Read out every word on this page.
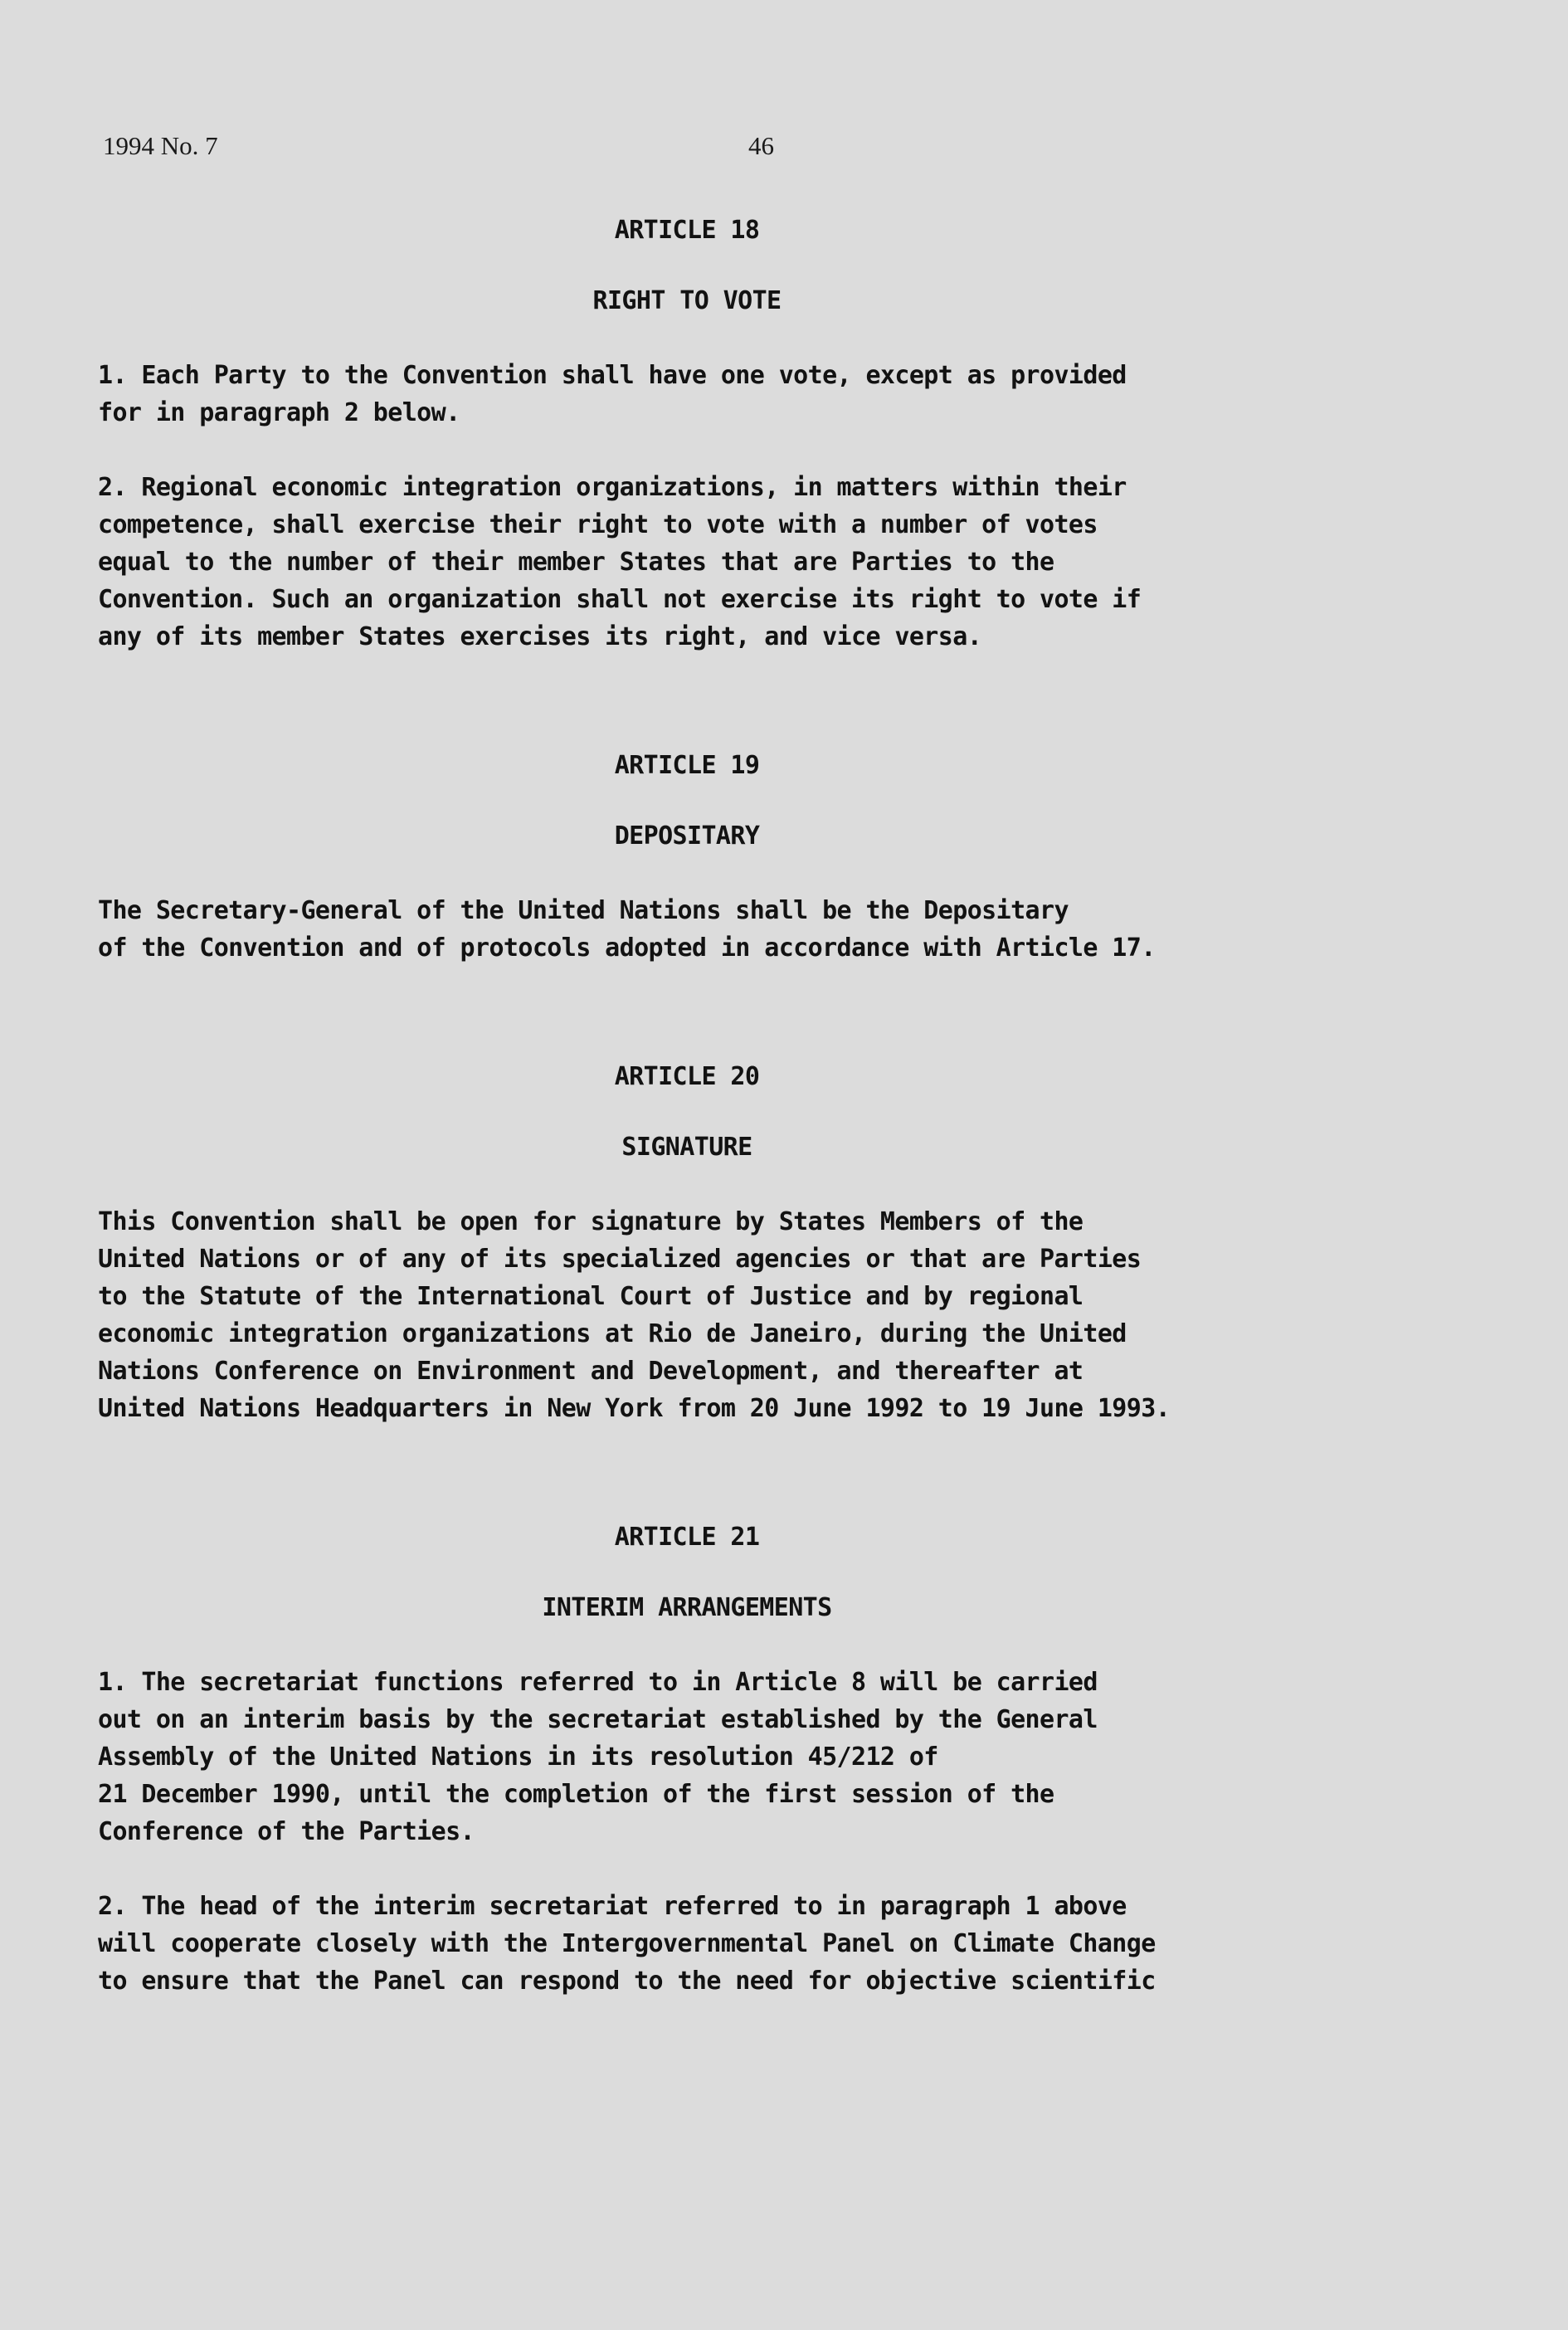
1994 No. 7	46
ARTICLE 18
RIGHT TO VOTE

1. Each Party to the Convention shall have one vote, except as provided
for in paragraph 2 below.

2. Regional economic integration organizations, in matters within their
competence, shall exercise their right to vote with a number of votes
equal to the number of their member States that are Parties to the
Convention. Such an organization shall not exercise its right to vote if
any of its member States exercises its right, and vice versa.

ARTICLE 19
DEPOSITARY

The Secretary-General of the United Nations shall be the Depositary
of the Convention and of protocols adopted in accordance with Article 17.

ARTICLE 20
SIGNATURE

This Convention shall be open for signature by States Members of the
United Nations or of any of its specialized agencies or that are Parties
to the Statute of the International Court of Justice and by regional
economic integration organizations at Rio de Janeiro, during the United
Nations Conference on Environment and Development, and thereafter at
United Nations Headquarters in New York from 20 June 1992 to 19 June 1993.

ARTICLE 21
INTERIM ARRANGEMENTS

1. The secretariat functions referred to in Article 8 will be carried
out on an interim basis by the secretariat established by the General
Assembly of the United Nations in its resolution 45/212 of
21 December 1990, until the completion of the first session of the
Conference of the Parties.

2. The head of the interim secretariat referred to in paragraph 1 above
will cooperate closely with the Intergovernmental Panel on Climate Change
to ensure that the Panel can respond to the need for objective scientific
